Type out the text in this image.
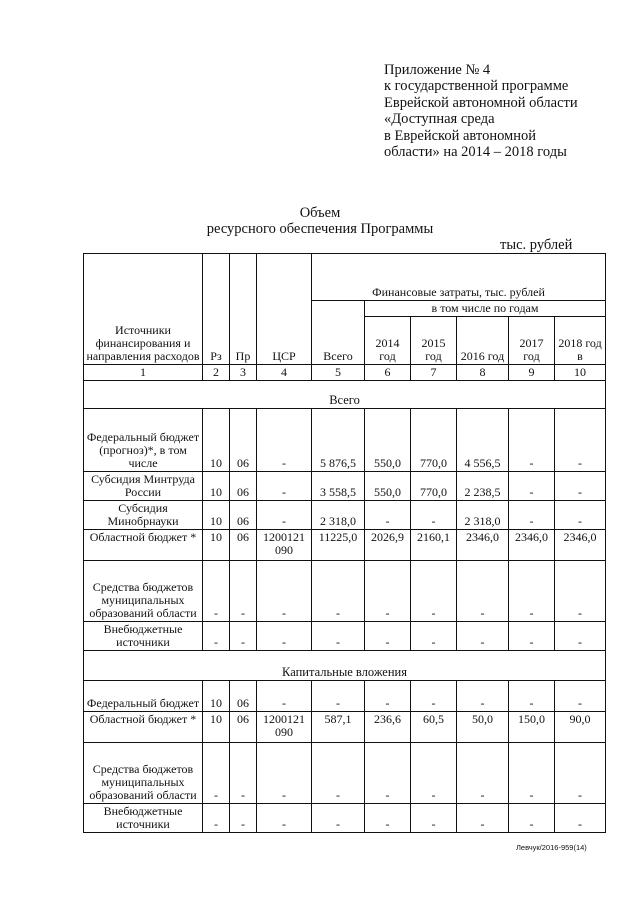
Приложение № 4
к государственной программе
Еврейской автономной области
«Доступная среда
в Еврейской автономной
области» на 2014 – 2018 годы
Объем
ресурсного обеспечения Программы
тыс. рублей
Источники финансирования и направления расходов	Рз	Пр	ЦСР	Финансовые затраты, тыс. рублей					
				Всего	в том числе по годам				
					2014 год	2015 год	2016 год	2017 год	2018 год в
1	2	3	4	5	6	7	8	9	10
Всего									
Федеральный бюджет (прогноз)*, в том числе	10	06	-	5 876,5	550,0	770,0	4 556,5	-	-
Субсидия Минтруда России	10	06	-	3 558,5	550,0	770,0	2 238,5	-	-
Субсидия Минобрнауки	10	06	-	2 318,0	-	-	2 318,0	-	-
Областной бюджет *	10	06	1200121 090	11225,0	2026,9	2160,1	2346,0	2346,0	2346,0
Средства бюджетов муниципальных образований области	-	-	-	-	-	-	-	-	-
Внебюджетные источники	-	-	-	-	-	-	-	-	-
Капитальные вложения									
Федеральный бюджет	10	06	-	-	-	-	-	-	-
Областной бюджет *	10	06	1200121 090	587,1	236,6	60,5	50,0	150,0	90,0
Средства бюджетов муниципальных образований области	-	-	-	-	-	-	-	-	-
Внебюджетные источники	-	-	-	-	-	-	-	-	-
Левчук/2016-959(14)
